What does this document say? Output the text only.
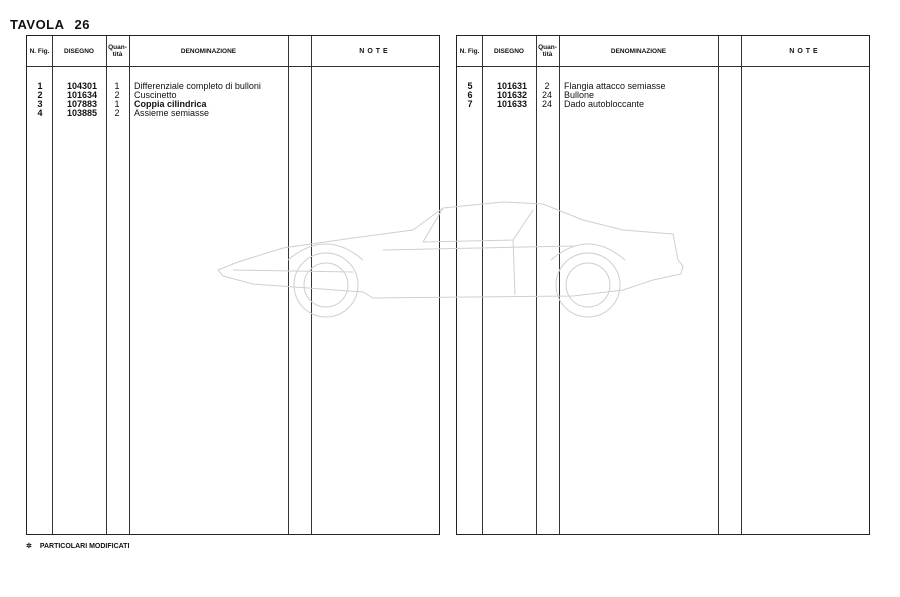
TAVOLA 26
N. Fig.	DISEGNO	Quan-tità	DENOMINAZIONE	NOTE
1	104301	1	Differenziale completo di bulloni
2	101634	2	Cuscinetto
3	107883	1	Coppia cilindrica
4	103885	2	Assieme semiasse
N. Fig.	DISEGNO	Quan-tità	DENOMINAZIONE	NOTE
5	101631	2	Flangia attacco semiasse
6	101632	24	Bullone
7	101633	24	Dado autobloccante
✲ PARTICOLARI MODIFICATI
